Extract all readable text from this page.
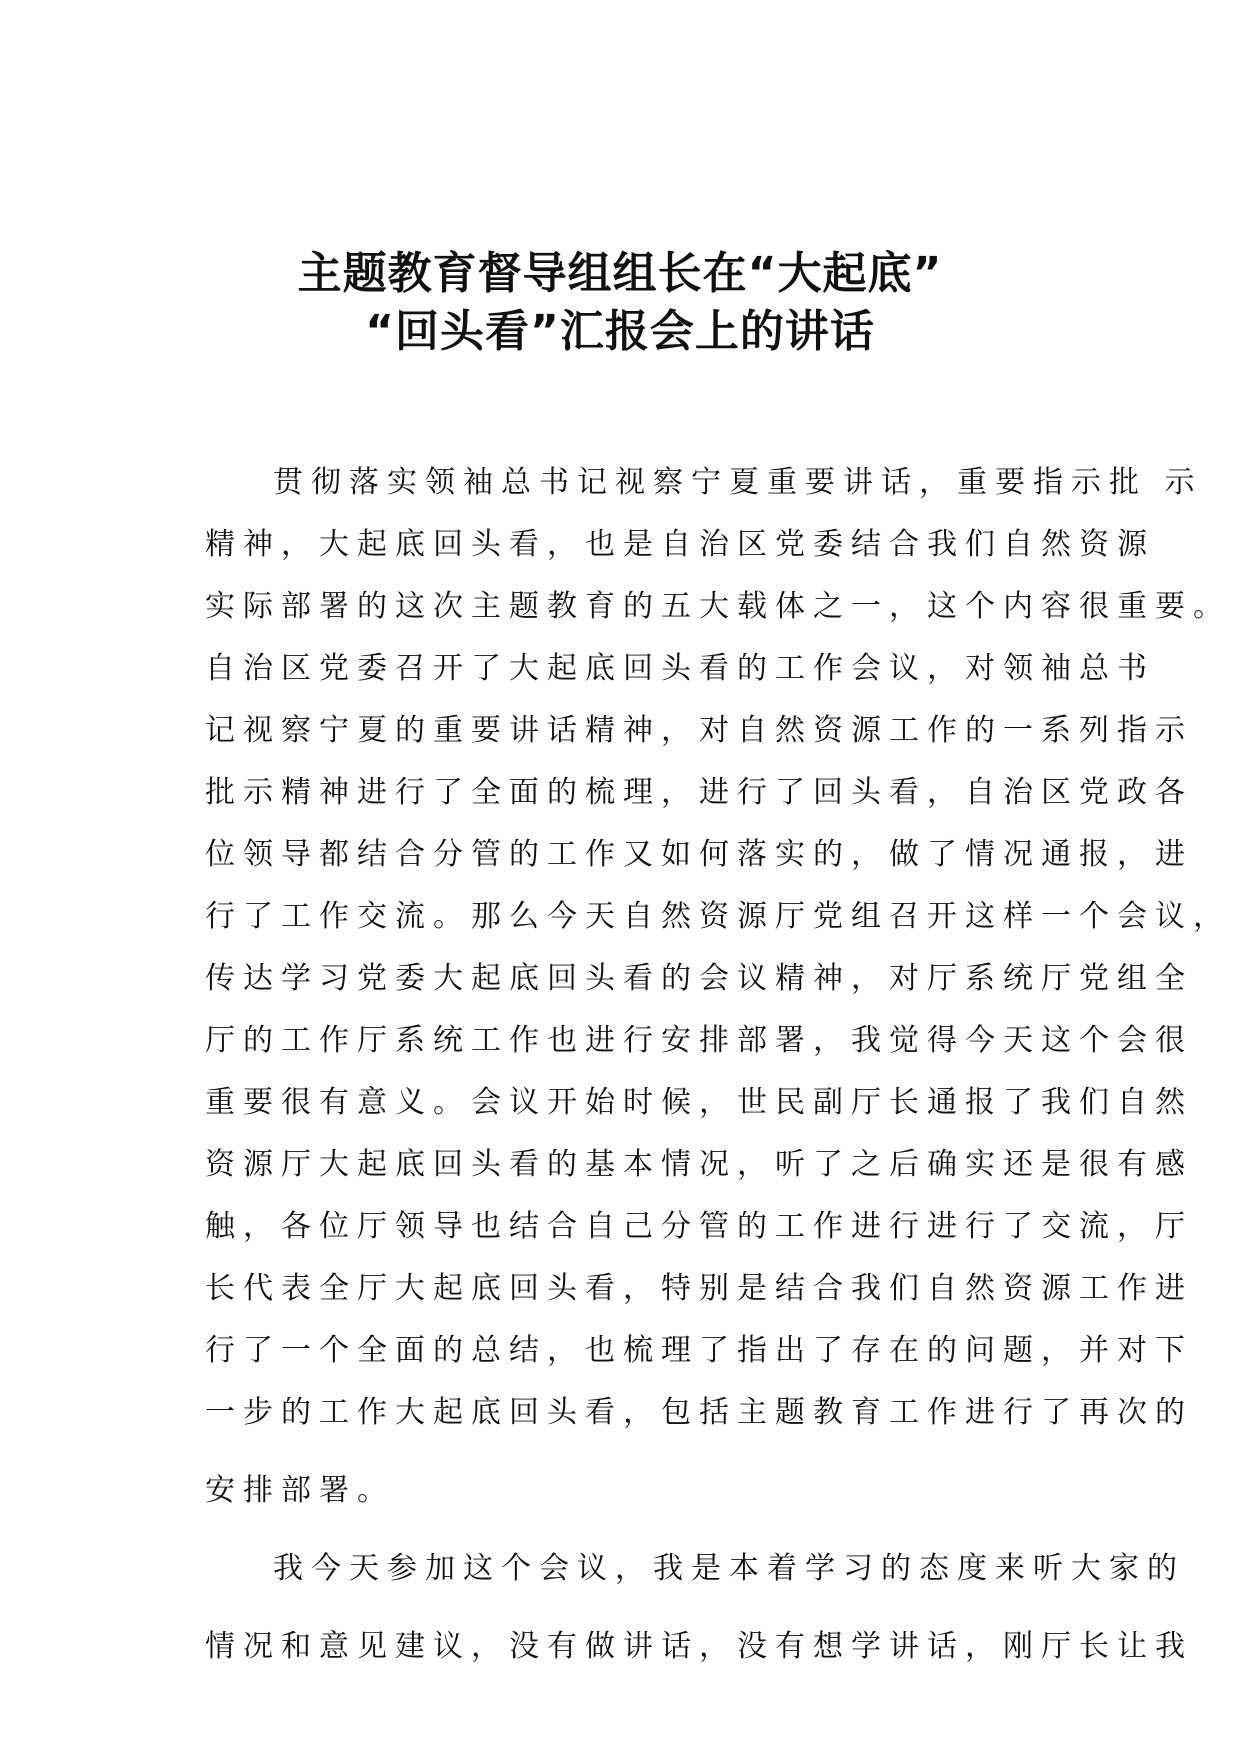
主题教育督导组组长在“大起底”
“回头看”汇报会上的讲话
贯彻落实领袖总书记视察宁夏重要讲话，重要指示批 示
精神，大起底回头看，也是自治区党委结合我们自然资源
实际部署的这次主题教育的五大载体之一，这个内容很重要。
自治区党委召开了大起底回头看的工作会议，对领袖总书
记视察宁夏的重要讲话精神，对自然资源工作的一系列指示
批示精神进行了全面的梳理，进行了回头看，自治区党政各
位领导都结合分管的工作又如何落实的，做了情况通报，进
行了工作交流。那么今天自然资源厅党组召开这样一个会议，
传达学习党委大起底回头看的会议精神，对厅系统厅党组全
厅的工作厅系统工作也进行安排部署，我觉得今天这个会很
重要很有意义。会议开始时候，世民副厅长通报了我们自然
资源厅大起底回头看的基本情况，听了之后确实还是很有感
触，各位厅领导也结合自己分管的工作进行进行了交流，厅
长代表全厅大起底回头看，特别是结合我们自然资源工作进
行了一个全面的总结，也梳理了指出了存在的问题，并对下
一步的工作大起底回头看，包括主题教育工作进行了再次的
安排部署。
我今天参加这个会议，我是本着学习的态度来听大家的
情况和意见建议，没有做讲话，没有想学讲话，刚厅长让我
